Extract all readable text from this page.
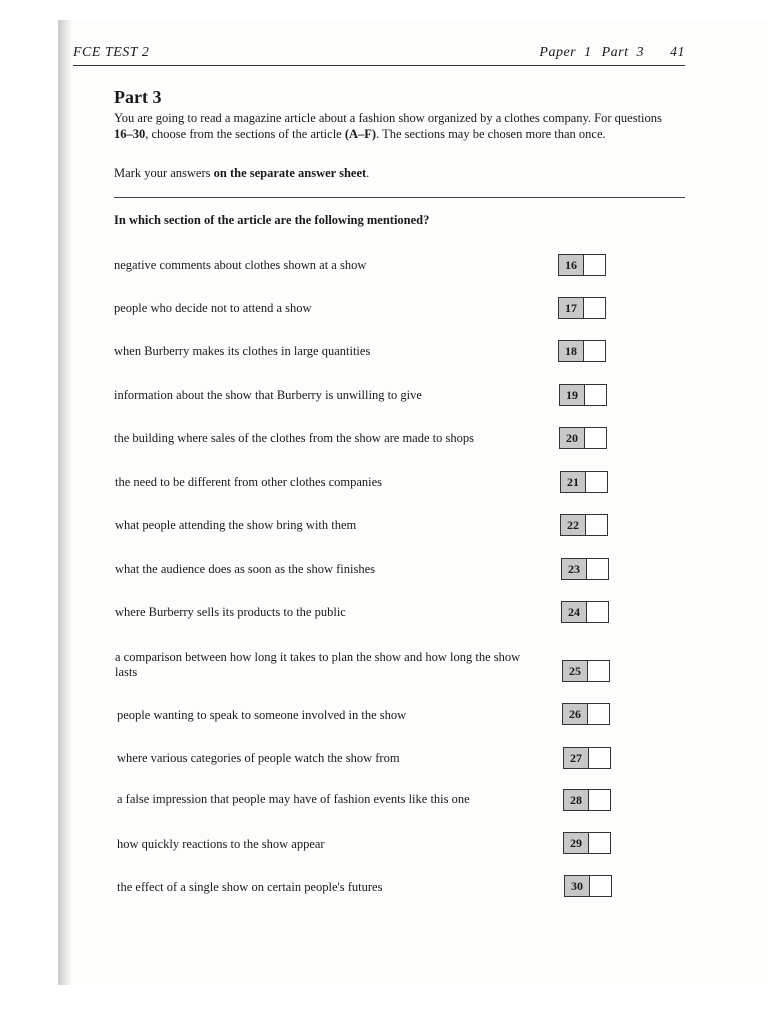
FCE TEST 2	Paper 1 Part 3 41
Part 3
You are going to read a magazine article about a fashion show organized by a clothes company. For questions 16–30, choose from the sections of the article (A–F). The sections may be chosen more than once.
Mark your answers on the separate answer sheet.
In which section of the article are the following mentioned?
negative comments about clothes shown at a show	16
people who decide not to attend a show	17
when Burberry makes its clothes in large quantities	18
information about the show that Burberry is unwilling to give	19
the building where sales of the clothes from the show are made to shops	20
the need to be different from other clothes companies	21
what people attending the show bring with them	22
what the audience does as soon as the show finishes	23
where Burberry sells its products to the public	24
a comparison between how long it takes to plan the show and how long the show lasts	25
people wanting to speak to someone involved in the show	26
where various categories of people watch the show from	27
a false impression that people may have of fashion events like this one	28
how quickly reactions to the show appear	29
the effect of a single show on certain people's futures	30
